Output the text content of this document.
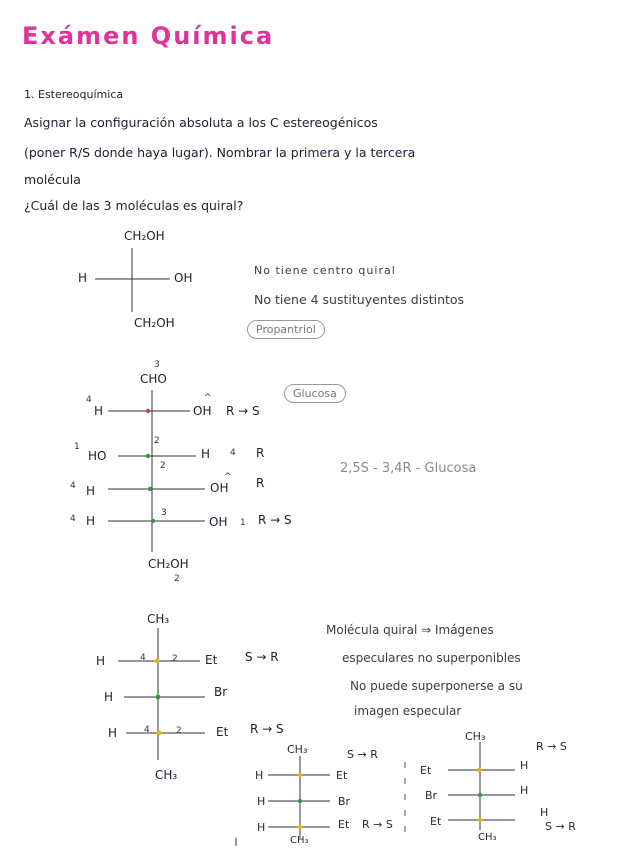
Exámen Química
1. Estereoquímica
Asignar la configuración absoluta a los C estereogénicos
(poner R/S donde haya lugar). Nombrar la primera y la tercera
molécula
¿Cuál de las 3 moléculas es quiral?
CH₂OH
H	OH
CH₂OH
No tiene centro quiral
No tiene 4 sustituyentes distintos
Propantriol
3
CHO
4
H
^
OH R → S
2
1
HO	H 4 R
2
4 H
^
OH R
3
4 H	OH 1 R → S
CH₂OH
2
Glucosa
2,5S - 3,4R - Glucosa
CH₃
H	4	2 Et S → R
H	Br
H	4	2	Et R → S
CH₃
Molécula quiral ⇒ Imágenes
especulares no superponibles
No puede superponerse a su
imagen especular
CH₃	S → R
H	Et
H	Br
H	Et R → S
CH₃
CH₃
R → S
Et	H
Br	H
Et
H
S → R
CH₃
